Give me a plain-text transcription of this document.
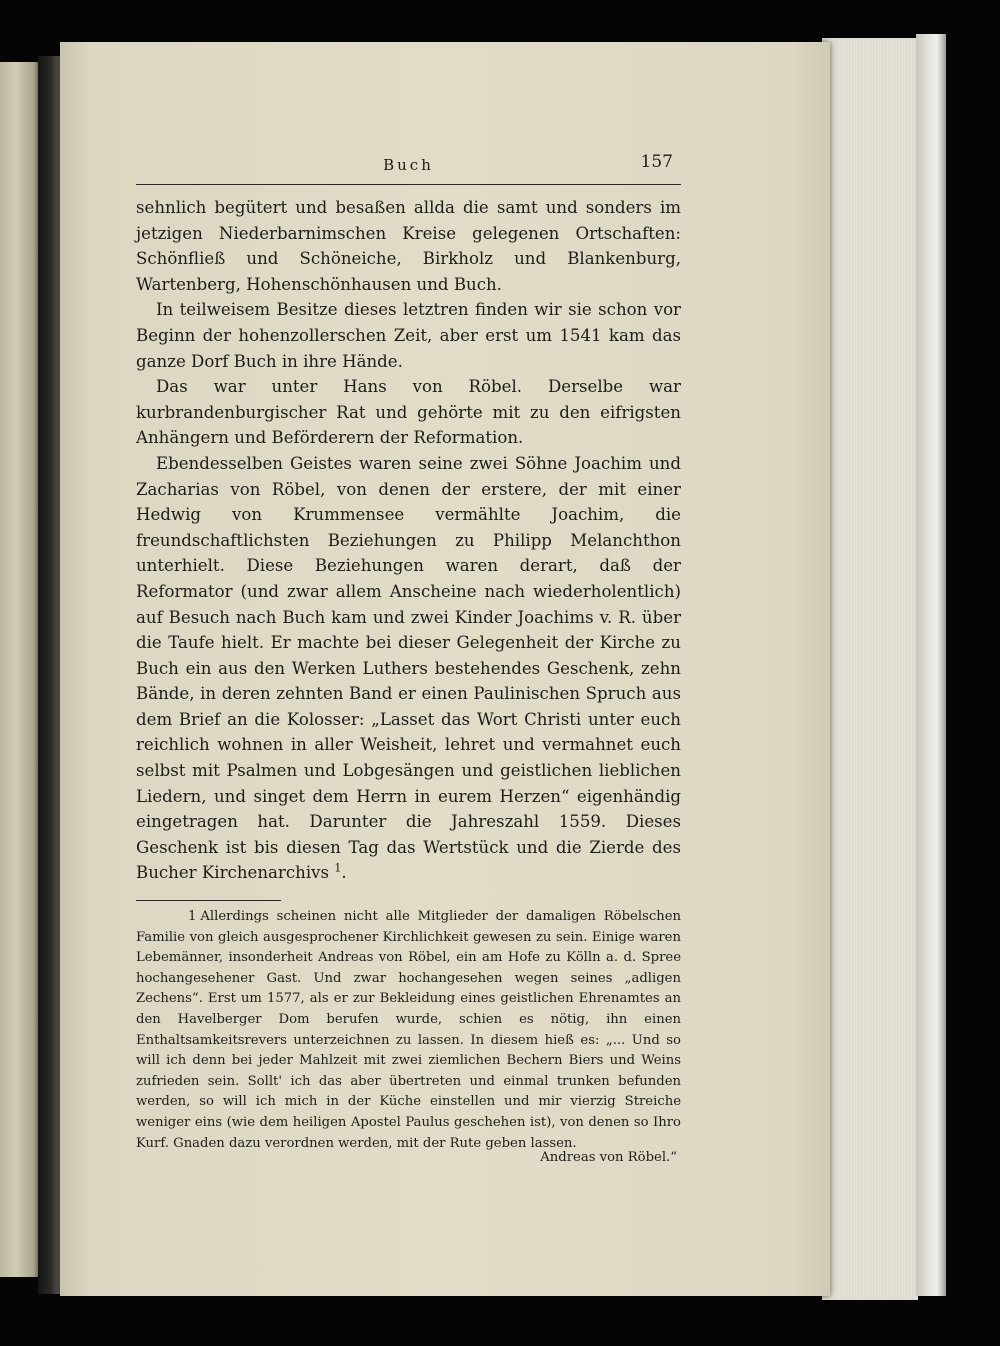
Buch	157

sehnlich begütert und besaßen allda die samt und sonders im jetzigen Niederbarnimschen Kreise gelegenen Ortschaften: Schönfließ und Schöneiche, Birkholz und Blankenburg, Wartenberg, Hohenschönhausen und Buch.

In teilweisem Besitze dieses letztren finden wir sie schon vor Beginn der hohenzollerschen Zeit, aber erst um 1541 kam das ganze Dorf Buch in ihre Hände.

Das war unter Hans von Röbel. Derselbe war kurbrandenburgischer Rat und gehörte mit zu den eifrigsten Anhängern und Beförderern der Reformation.

Ebendesselben Geistes waren seine zwei Söhne Joachim und Zacharias von Röbel, von denen der erstere, der mit einer Hedwig von Krummensee vermählte Joachim, die freundschaftlichsten Beziehungen zu Philipp Melanchthon unterhielt. Diese Beziehungen waren derart, daß der Reformator (und zwar allem Anscheine nach wiederholentlich) auf Besuch nach Buch kam und zwei Kinder Joachims v. R. über die Taufe hielt. Er machte bei dieser Gelegenheit der Kirche zu Buch ein aus den Werken Luthers bestehendes Geschenk, zehn Bände, in deren zehnten Band er einen Paulinischen Spruch aus dem Brief an die Kolosser: „Lasset das Wort Christi unter euch reichlich wohnen in aller Weisheit, lehret und vermahnet euch selbst mit Psalmen und Lobgesängen und geistlichen lieblichen Liedern, und singet dem Herrn in eurem Herzen“ eigenhändig eingetragen hat. Darunter die Jahreszahl 1559. Dieses Geschenk ist bis diesen Tag das Wertstück und die Zierde des Bucher Kirchenarchivs $^1$.

1 Allerdings scheinen nicht alle Mitglieder der damaligen Röbelschen Familie von gleich ausgesprochener Kirchlichkeit gewesen zu sein. Einige waren Lebemänner, insonderheit Andreas von Röbel, ein am Hofe zu Kölln a. d. Spree hochangesehener Gast. Und zwar hochangesehen wegen seines „adligen Zechens“. Erst um 1577, als er zur Bekleidung eines geistlichen Ehrenamtes an den Havelberger Dom berufen wurde, schien es nötig, ihn einen Enthaltsamkeitsrevers unterzeichnen zu lassen. In diesem hieß es: „... Und so will ich denn bei jeder Mahlzeit mit zwei ziemlichen Bechern Biers und Weins zufrieden sein. Sollt' ich das aber übertreten und einmal trunken befunden werden, so will ich mich in der Küche einstellen und mir vierzig Streiche weniger eins (wie dem heiligen Apostel Paulus geschehen ist), von denen so Ihro Kurf. Gnaden dazu verordnen werden, mit der Rute geben lassen.

Andreas von Röbel.“
